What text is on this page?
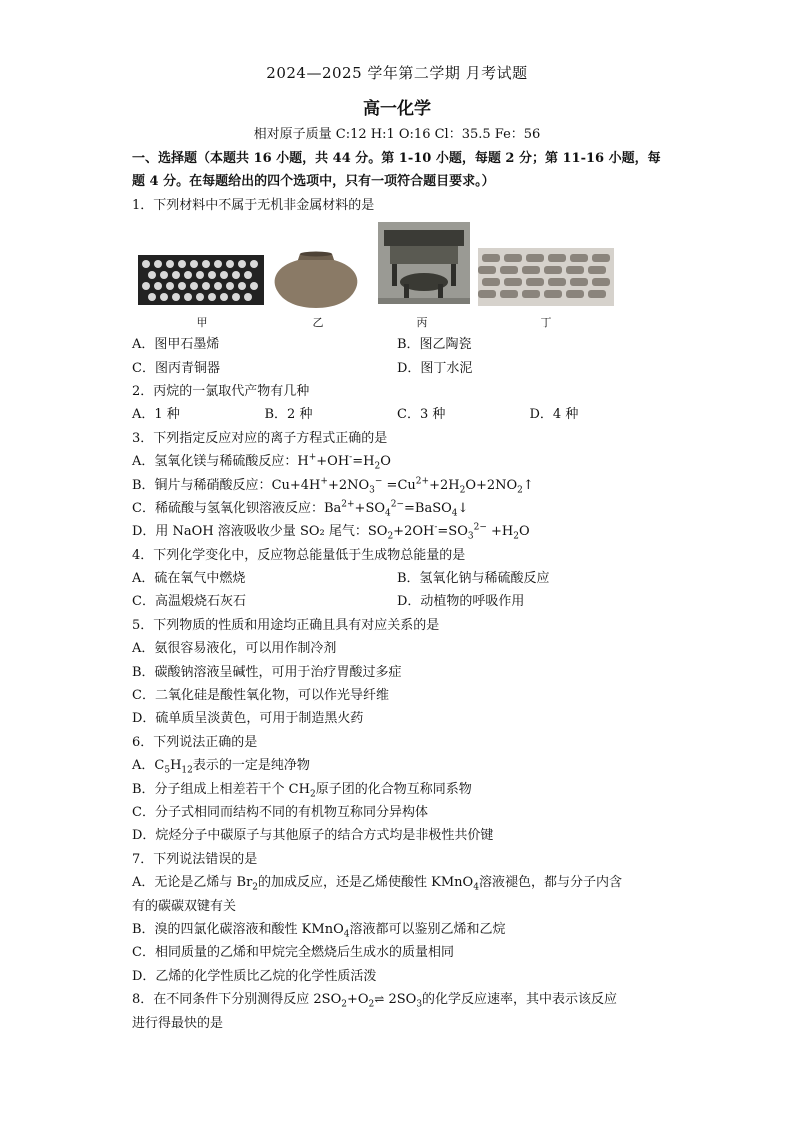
2024—2025 学年第二学期 月考试题
高一化学
相对原子质量 C:12 H:1 O:16 Cl：35.5 Fe：56
甲	乙	丙	丁
一、选择题（本题共 16 小题，共 44 分。第 1-10 小题，每题 2 分；第 11-16 小题，每
题 4 分。在每题给出的四个选项中，只有一项符合题目要求。）
1．下列材料中不属于无机非金属材料的是
A．图甲石墨烯	B．图乙陶瓷
C．图丙青铜器	D．图丁水泥
2．丙烷的一氯取代产物有几种
A．1 种	B．2 种	C．3 种	D．4 种
3．下列指定反应对应的离子方程式正确的是
A．氢氧化镁与稀硫酸反应：$H^++OH^-=H_2O$
B．铜片与稀硝酸反应：$Cu+4H^++2NO_3^-$ $=Cu^{2+}+2H_2O+2NO_2↑$
C．稀硫酸与氢氧化钡溶液反应：$Ba^{2+}+SO_4^{2-}=BaSO_4↓$
D．用 NaOH 溶液吸收少量 SO₂ 尾气：$SO_2+2OH^-=SO_3^{2-} +H_2O$
4．下列化学变化中，反应物总能量低于生成物总能量的是
A．硫在氧气中燃烧	B．氢氧化钠与稀硫酸反应
C．高温煅烧石灰石	D．动植物的呼吸作用
5．下列物质的性质和用途均正确且具有对应关系的是
A．氨很容易液化，可以用作制冷剂
B．碳酸钠溶液呈碱性，可用于治疗胃酸过多症
C．二氧化硅是酸性氧化物，可以作光导纤维
D．硫单质呈淡黄色，可用于制造黑火药
6．下列说法正确的是
A．$C_5H_{12}$表示的一定是纯净物
B．分子组成上相差若干个 $CH_2$原子团的化合物互称同系物
C．分子式相同而结构不同的有机物互称同分异构体
D．烷烃分子中碳原子与其他原子的结合方式均是非极性共价键
7．下列说法错误的是
A．无论是乙烯与 $Br_2$的加成反应，还是乙烯使酸性 KMnO$_4$溶液褪色，都与分子内含
有的碳碳双键有关
B．溴的四氯化碳溶液和酸性 KMnO$_4$溶液都可以鉴别乙烯和乙烷
C．相同质量的乙烯和甲烷完全燃烧后生成水的质量相同
D．乙烯的化学性质比乙烷的化学性质活泼
8．在不同条件下分别测得反应 $2SO_2+O_2\rightleftharpoons$ $2SO_3$的化学反应速率，其中表示该反应
进行得最快的是
